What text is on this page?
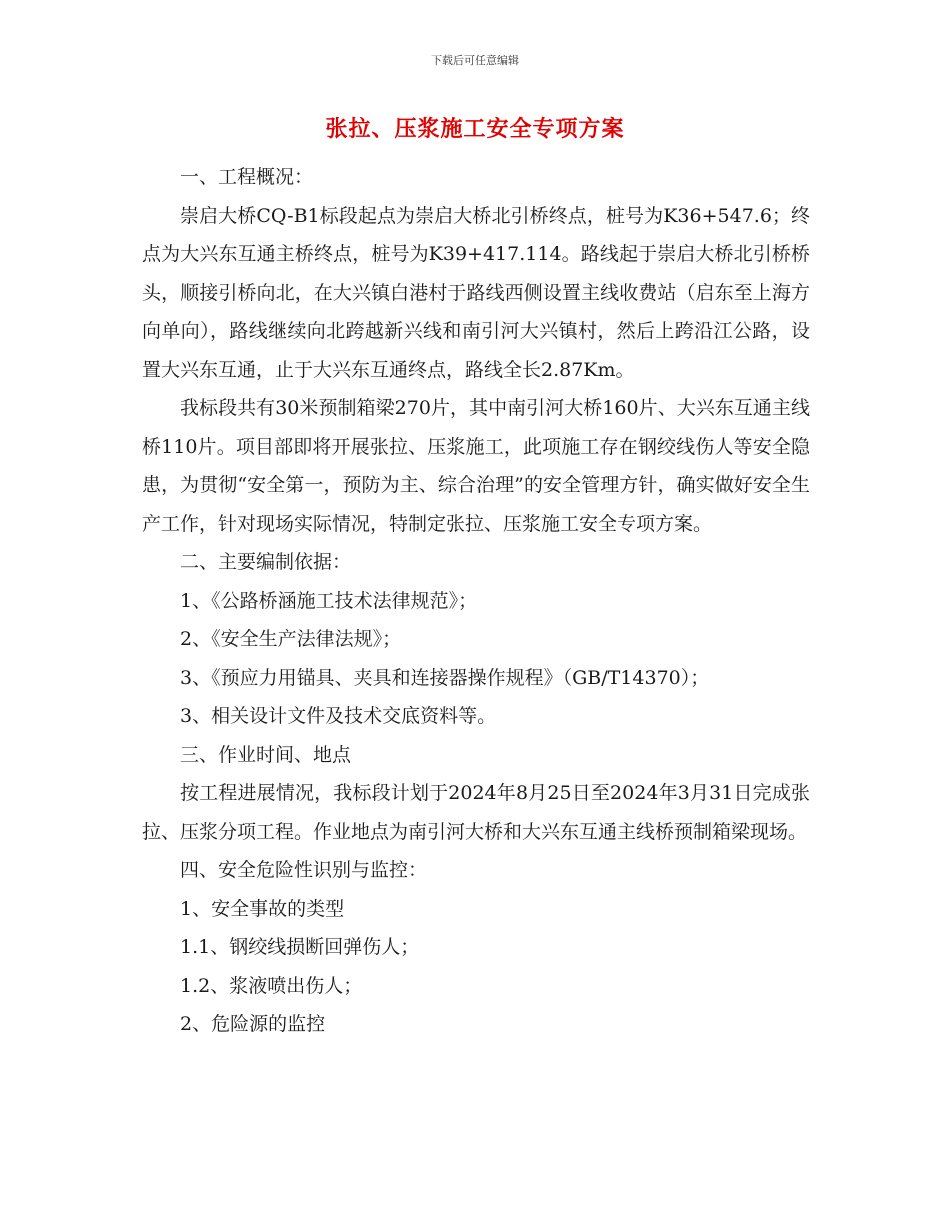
下载后可任意编辑
张拉、压浆施工安全专项方案

一、工程概况：

崇启大桥CQ-B1标段起点为崇启大桥北引桥终点，桩号为K36+547.6；终点为大兴东互通主桥终点，桩号为K39+417.114。路线起于崇启大桥北引桥桥头，顺接引桥向北，在大兴镇白港村于路线西侧设置主线收费站（启东至上海方向单向），路线继续向北跨越新兴线和南引河大兴镇村，然后上跨沿江公路，设置大兴东互通，止于大兴东互通终点，路线全长2.87Km。

我标段共有30米预制箱梁270片，其中南引河大桥160片、大兴东互通主线桥110片。项目部即将开展张拉、压浆施工，此项施工存在钢绞线伤人等安全隐患，为贯彻“安全第一，预防为主、综合治理”的安全管理方针，确实做好安全生产工作，针对现场实际情况，特制定张拉、压浆施工安全专项方案。

二、主要编制依据：

1、《公路桥涵施工技术法律规范》；

2、《安全生产法律法规》；

3、《预应力用锚具、夹具和连接器操作规程》（GB/T14370）；

3、相关设计文件及技术交底资料等。

三、作业时间、地点

按工程进展情况，我标段计划于2024年8月25日至2024年3月31日完成张拉、压浆分项工程。作业地点为南引河大桥和大兴东互通主线桥预制箱梁现场。

四、安全危险性识别与监控：

1、安全事故的类型

1.1、钢绞线损断回弹伤人；

1.2、浆液喷出伤人；

2、危险源的监控
